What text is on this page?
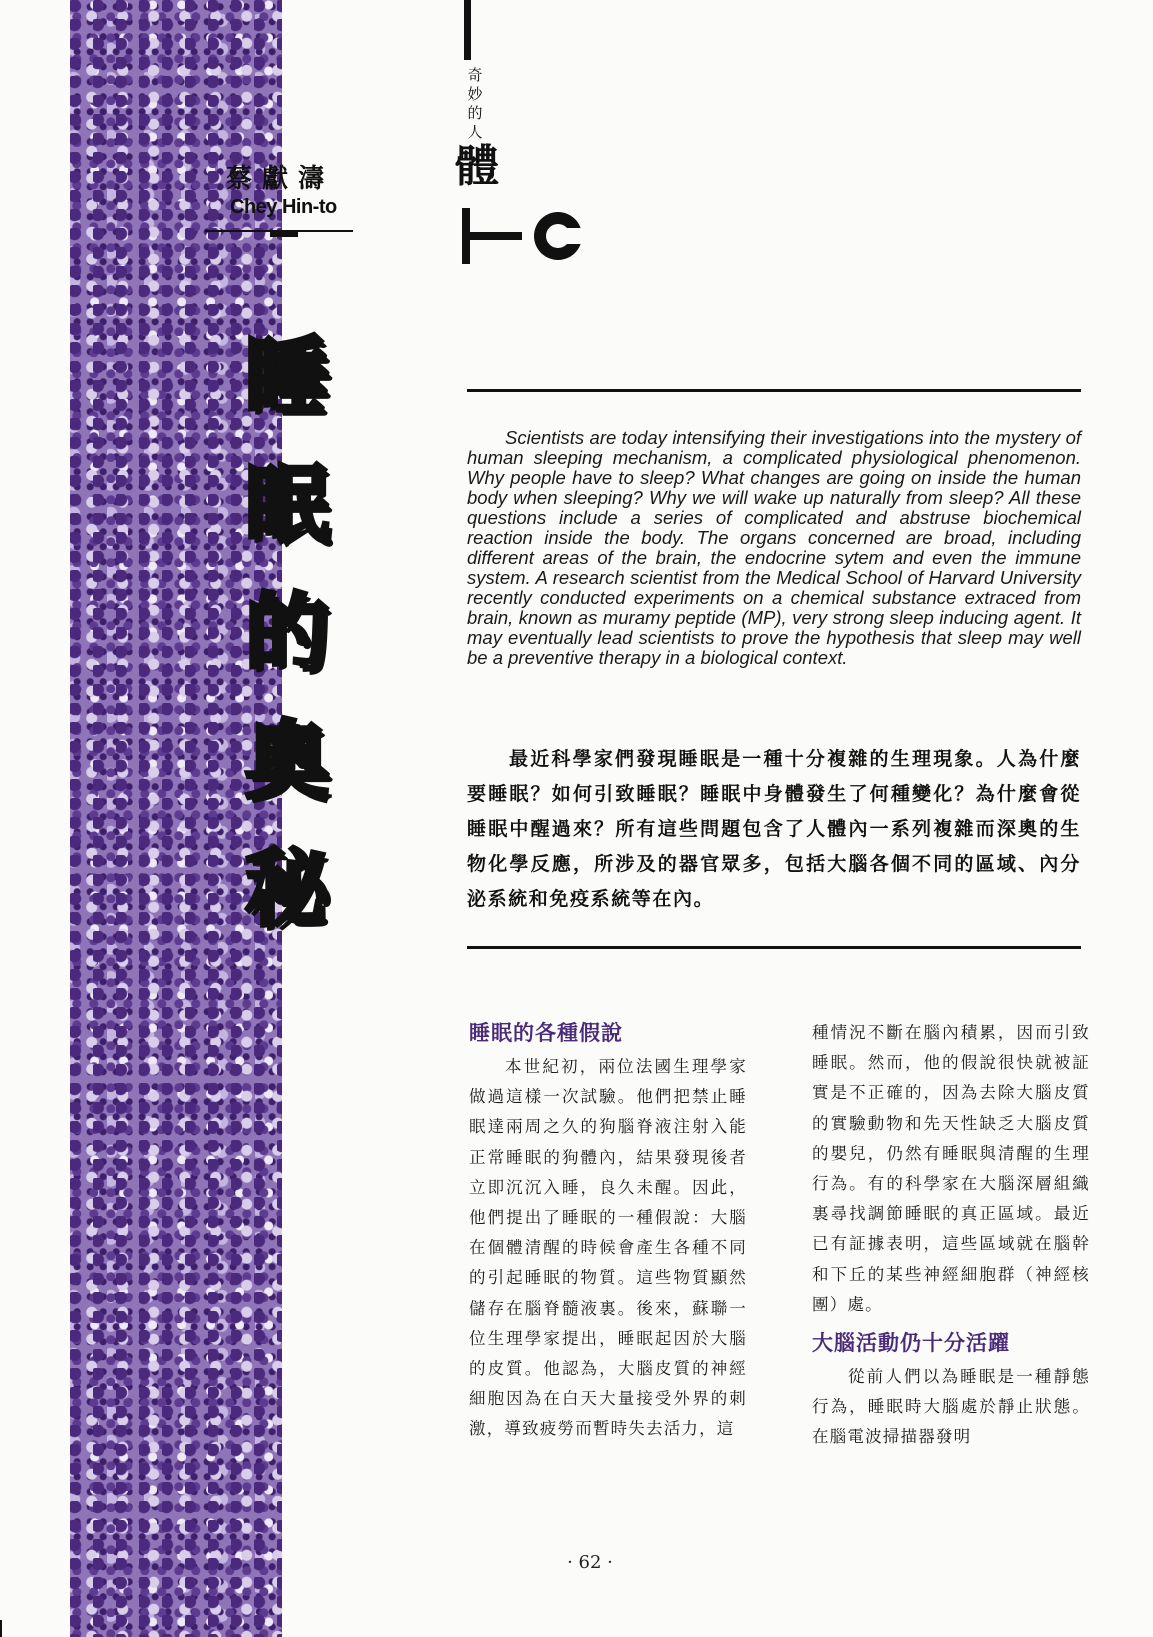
蔡獻濤
Chey Hin-to
睡
眠
的
奧
秘
奇妙的人
體

Scientists are today intensifying their investigations into the mystery of human sleeping mechanism, a complicated physiological phenomenon. Why people have to sleep? What changes are going on inside the human body when sleeping? Why we will wake up naturally from sleep? All these questions include a series of complicated and abstruse biochemical reaction inside the body. The organs concerned are broad, including different areas of the brain, the endocrine sytem and even the immune system. A research scientist from the Medical School of Harvard University recently conducted experiments on a chemical substance extraced from brain, known as muramy peptide (MP), very strong sleep inducing agent. It may eventually lead scientists to prove the hypothesis that sleep may well be a preventive therapy in a biological context.

最近科學家們發現睡眠是一種十分複雜的生理現象。人為什麼要睡眠？如何引致睡眠？睡眠中身體發生了何種變化？為什麼會從睡眠中醒過來？所有這些問題包含了人體內一系列複雜而深奧的生物化學反應，所涉及的器官眾多，包括大腦各個不同的區域、內分泌系統和免疫系統等在內。

睡眠的各種假說

本世紀初，兩位法國生理學家做過這樣一次試驗。他們把禁止睡眠達兩周之久的狗腦脊液注射入能正常睡眠的狗體內，結果發現後者立即沉沉入睡，良久未醒。因此，他們提出了睡眠的一種假說：大腦在個體清醒的時候會產生各種不同的引起睡眠的物質。這些物質顯然儲存在腦脊髓液裏。後來，蘇聯一位生理學家提出，睡眠起因於大腦的皮質。他認為，大腦皮質的神經細胞因為在白天大量接受外界的刺激，導致疲勞而暫時失去活力，這

種情況不斷在腦內積累，因而引致睡眠。然而，他的假說很快就被証實是不正確的，因為去除大腦皮質的實驗動物和先天性缺乏大腦皮質的嬰兒，仍然有睡眠與清醒的生理行為。有的科學家在大腦深層組織裏尋找調節睡眠的真正區域。最近已有証據表明，這些區域就在腦幹和下丘的某些神經細胞群（神經核團）處。

大腦活動仍十分活躍

從前人們以為睡眠是一種靜態行為，睡眠時大腦處於靜止狀態。在腦電波掃描器發明

· 62 ·
